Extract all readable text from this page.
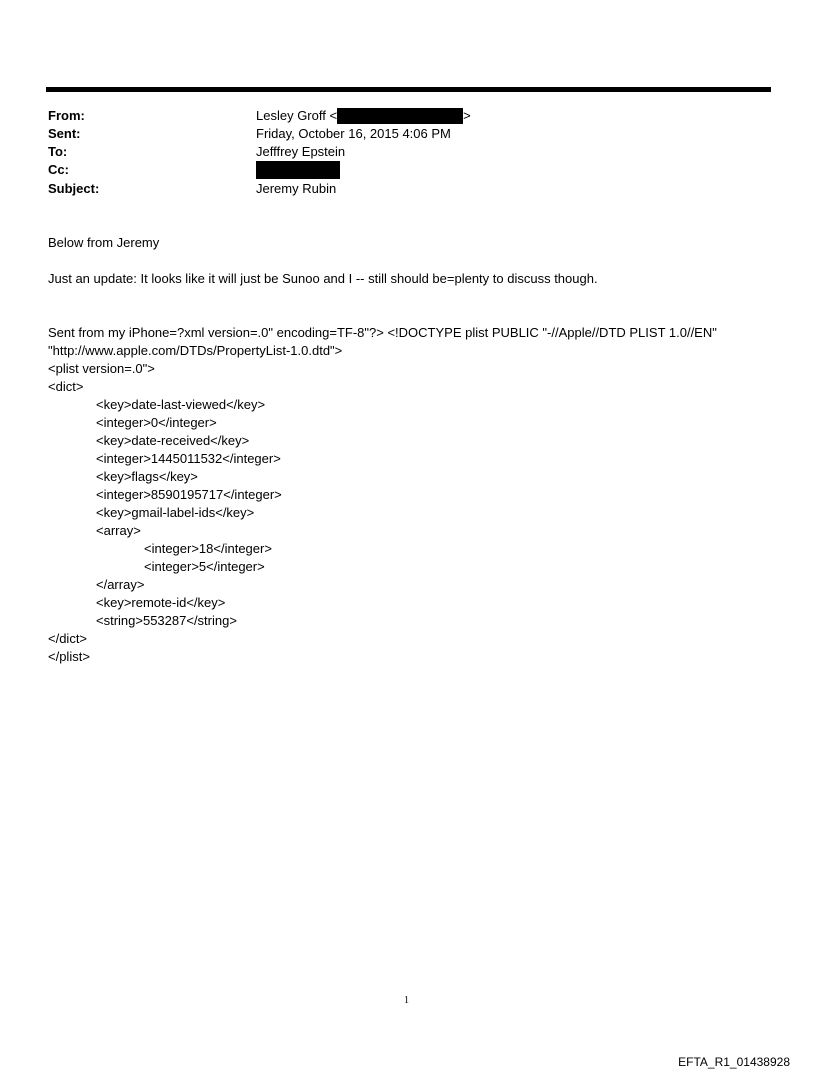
From:	Lesley Groff <	>
Sent:	Friday, October 16, 2015 4:06 PM
To:	Jefffrey Epstein
Cc:
Subject:	Jeremy Rubin
Below from Jeremy
Just an update: It looks like it will just be Sunoo and I -- still should be=plenty to discuss though.
Sent from my iPhone=?xml version=.0" encoding=TF-8"?> <!DOCTYPE plist PUBLIC "-//Apple//DTD PLIST 1.0//EN"
"http://www.apple.com/DTDs/PropertyList-1.0.dtd">
<plist version=.0">
<dict>
<key>date-last-viewed</key>
<integer>0</integer>
<key>date-received</key>
<integer>1445011532</integer>
<key>flags</key>
<integer>8590195717</integer>
<key>gmail-label-ids</key>
<array>
<integer>18</integer>
<integer>5</integer>
</array>
<key>remote-id</key>
<string>553287</string>
</dict>
</plist>
1
EFTA_R1_01438928
